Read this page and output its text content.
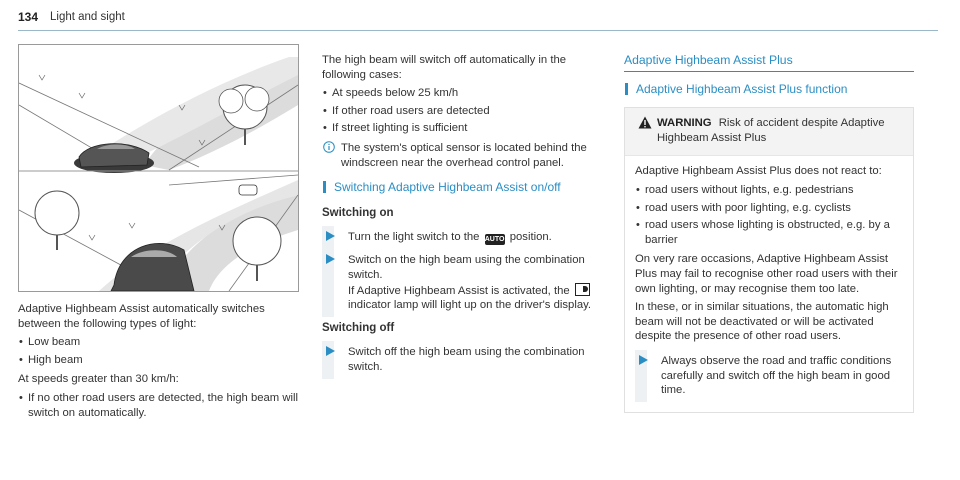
134 Light and sight

Adaptive Highbeam Assist automatically switches between the following types of light:

• Low beam
• High beam

At speeds greater than 30 km/h:

• If no other road users are detected, the high beam will switch on automatically.

The high beam will switch off automatically in the following cases:

• At speeds below 25 km/h
• If other road users are detected
• If street lighting is sufficient
The system's optical sensor is located behind the windscreen near the overhead control panel.
Switching Adaptive Highbeam Assist on/off
Switching on
Turn the light switch to the AUTO position.
Switch on the high beam using the combination switch.
If Adaptive Highbeam Assist is activated, the
indicator lamp will light up on the driver's display.
Switching off
Switch off the high beam using the combination switch.
Adaptive Highbeam Assist Plus
Adaptive Highbeam Assist Plus function
WARNING Risk of accident despite Adaptive Highbeam Assist Plus

Adaptive Highbeam Assist Plus does not react to:

• road users without lights, e.g. pedestrians
• road users with poor lighting, e.g. cyclists
• road users whose lighting is obstructed, e.g. by a barrier

On very rare occasions, Adaptive Highbeam Assist Plus may fail to recognise other road users with their own lighting, or may recognise them too late.

In these, or in similar situations, the automatic high beam will not be deactivated or will be activated despite the presence of other road users.

Always observe the road and traffic conditions carefully and switch off the high beam in good time.
